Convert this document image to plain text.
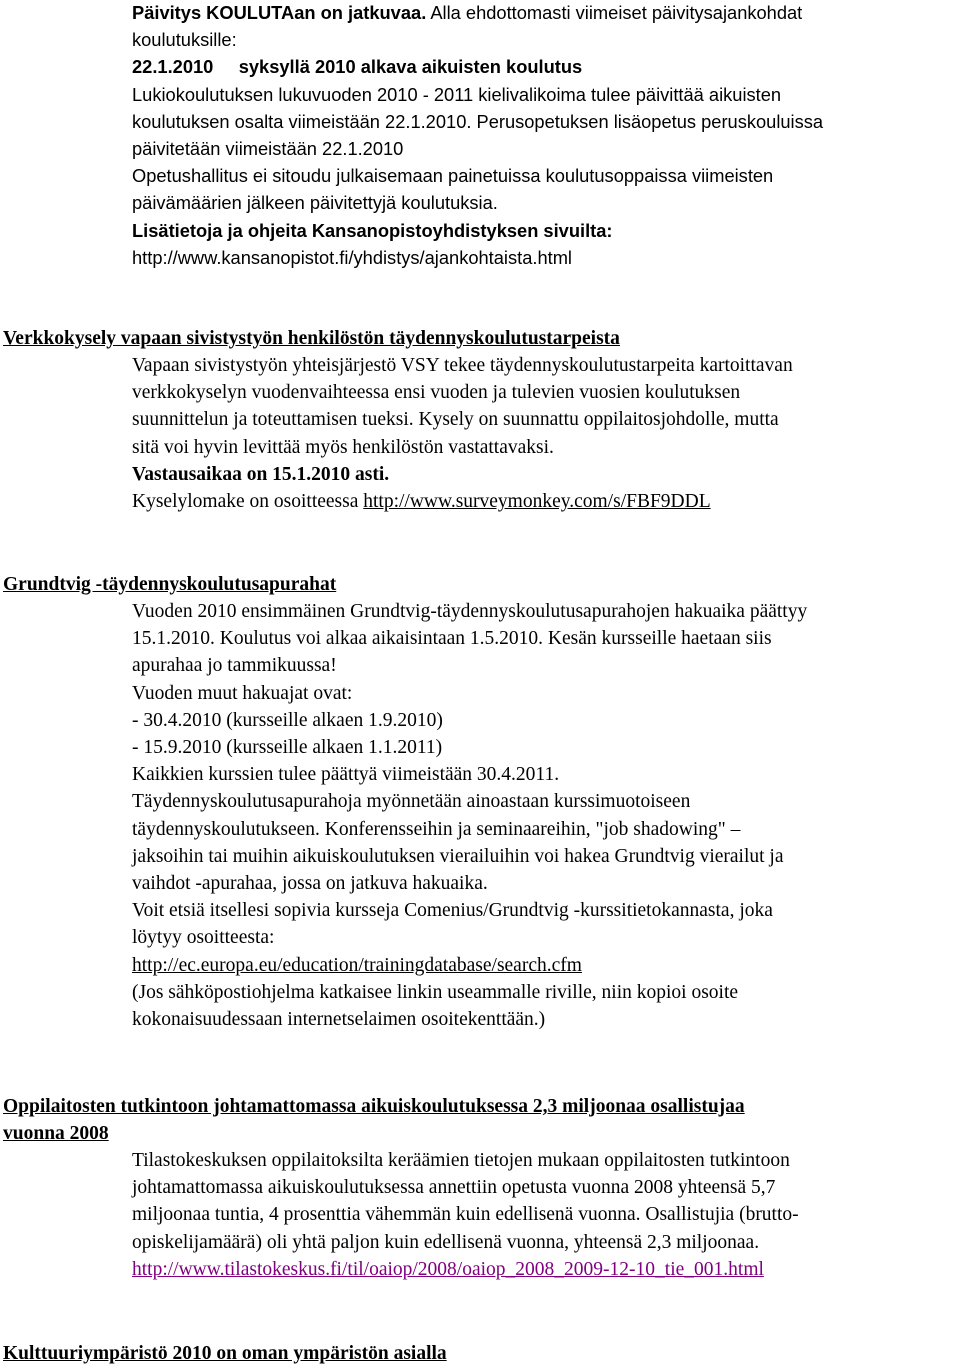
Päivitys KOULUTAan on jatkuvaa. Alla ehdottomasti viimeiset päivitysajankohdat
koulutuksille:
22.1.2010     syksyllä 2010 alkava aikuisten koulutus
Lukiokoulutuksen lukuvuoden 2010 - 2011 kielivalikoima tulee päivittää aikuisten
koulutuksen osalta viimeistään 22.1.2010. Perusopetuksen lisäopetus peruskouluissa
päivitetään viimeistään 22.1.2010
Opetushallitus ei sitoudu julkaisemaan painetuissa koulutusoppaissa viimeisten
päivämäärien jälkeen päivitettyjä koulutuksia.
Lisätietoja ja ohjeita Kansanopistoyhdistyksen sivuilta:
http://www.kansanopistot.fi/yhdistys/ajankohtaista.html
Verkkokysely vapaan sivistystyön henkilöstön täydennyskoulutustarpeista
Vapaan sivistystyön yhteisjärjestö VSY tekee täydennyskoulutustarpeita kartoittavan
verkkokyselyn vuodenvaihteessa ensi vuoden ja tulevien vuosien koulutuksen
suunnittelun ja toteuttamisen tueksi. Kysely on suunnattu oppilaitosjohdolle, mutta
sitä voi hyvin levittää myös henkilöstön vastattavaksi.
Vastausaikaa on 15.1.2010 asti.
Kyselylomake on osoitteessa http://www.surveymonkey.com/s/FBF9DDL
Grundtvig -täydennyskoulutusapurahat
Vuoden 2010 ensimmäinen Grundtvig-täydennyskoulutusapurahojen hakuaika päättyy
15.1.2010. Koulutus voi alkaa aikaisintaan 1.5.2010. Kesän kursseille haetaan siis
apurahaa jo tammikuussa!
Vuoden muut hakuajat ovat:
- 30.4.2010 (kursseille alkaen 1.9.2010)
- 15.9.2010 (kursseille alkaen 1.1.2011)
Kaikkien kurssien tulee päättyä viimeistään 30.4.2011.
Täydennyskoulutusapurahoja myönnetään ainoastaan kurssimuotoiseen
täydennyskoulutukseen. Konferensseihin ja seminaareihin, "job shadowing" –
jaksoihin tai muihin aikuiskoulutuksen vierailuihin voi hakea Grundtvig vierailut ja
vaihdot -apurahaa, jossa on jatkuva hakuaika.
Voit etsiä itsellesi sopivia kursseja Comenius/Grundtvig -kurssitietokannasta, joka
löytyy osoitteesta:
http://ec.europa.eu/education/trainingdatabase/search.cfm
(Jos sähköpostiohjelma katkaisee linkin useammalle riville, niin kopioi osoite
kokonaisuudessaan internetselaimen osoitekenttään.)
Oppilaitosten tutkintoon johtamattomassa aikuiskoulutuksessa 2,3 miljoonaa osallistujaa
vuonna 2008
Tilastokeskuksen oppilaitoksilta keräämien tietojen mukaan oppilaitosten tutkintoon
johtamattomassa aikuiskoulutuksessa annettiin opetusta vuonna 2008 yhteensä 5,7
miljoonaa tuntia, 4 prosenttia vähemmän kuin edellisenä vuonna. Osallistujia (brutto-
opiskelijamäärä) oli yhtä paljon kuin edellisenä vuonna, yhteensä 2,3 miljoonaa.
http://www.tilastokeskus.fi/til/oaiop/2008/oaiop_2008_2009-12-10_tie_001.html
Kulttuuriympäristö 2010 on oman ympäristön asialla
